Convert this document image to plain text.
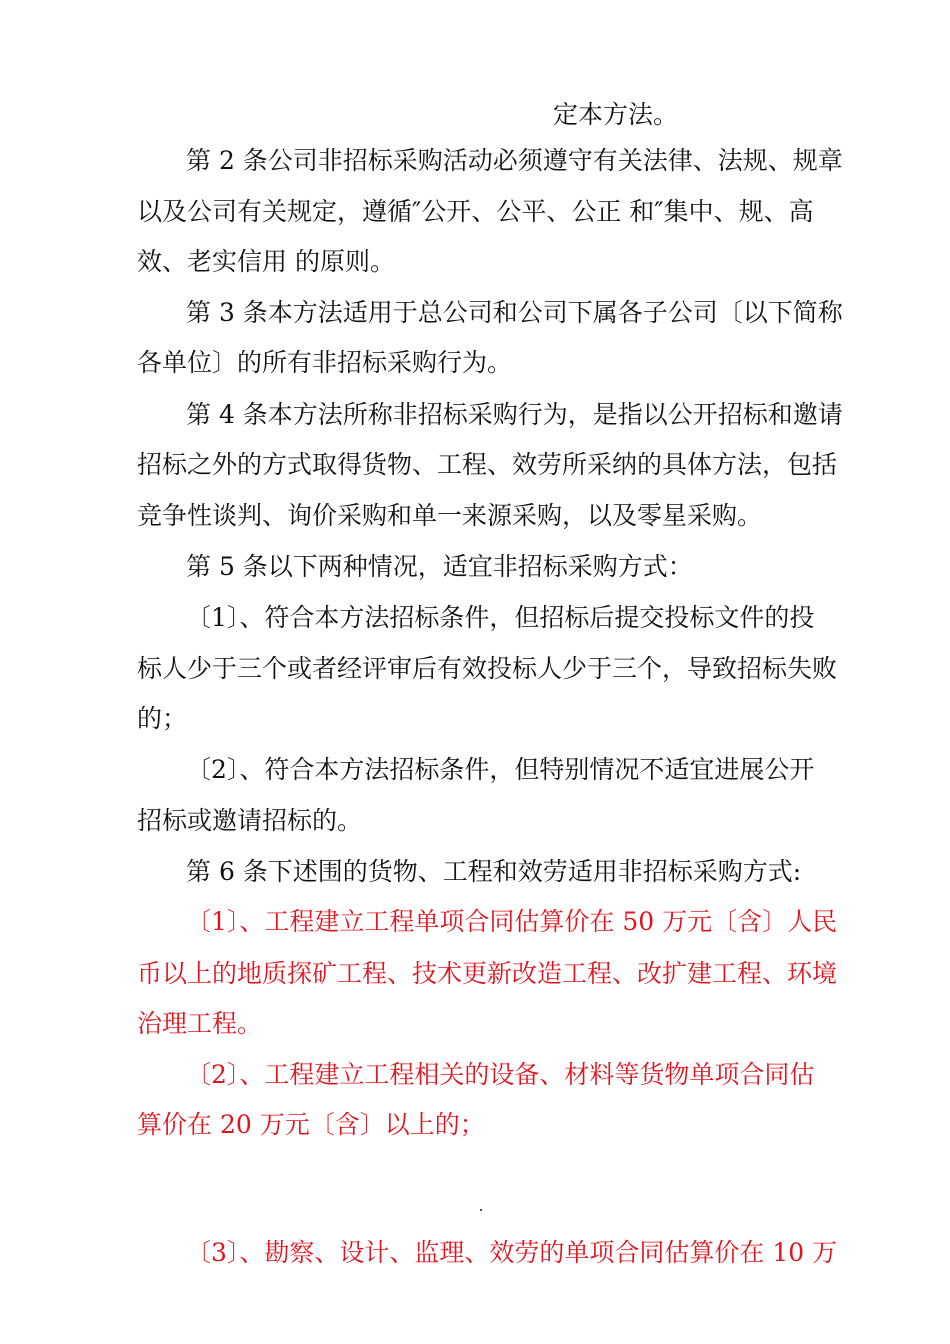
定本方法。
第 2 条公司非招标采购活动必须遵守有关法律、法规、规章
以及公司有关规定，遵循″公开、公平、公正 和″集中、规、高
效、老实信用 的原则。
第 3 条本方法适用于总公司和公司下属各子公司〔以下简称
各单位〕的所有非招标采购行为。
第 4 条本方法所称非招标采购行为，是指以公开招标和邀请
招标之外的方式取得货物、工程、效劳所采纳的具体方法，包括
竞争性谈判、询价采购和单一来源采购，以及零星采购。
第 5 条以下两种情况，适宜非招标采购方式：
〔1〕、符合本方法招标条件，但招标后提交投标文件的投
标人少于三个或者经评审后有效投标人少于三个，导致招标失败
的；
〔2〕、符合本方法招标条件，但特别情况不适宜进展公开
招标或邀请招标的。
第 6 条下述围的货物、工程和效劳适用非招标采购方式:
〔1〕、工程建立工程单项合同估算价在 50 万元〔含〕人民
币以上的地质探矿工程、技术更新改造工程、改扩建工程、环境
治理工程。
〔2〕、工程建立工程相关的设备、材料等货物单项合同估
算价在 20 万元〔含〕以上的；
〔3〕、勘察、设计、监理、效劳的单项合同估算价在 10 万
